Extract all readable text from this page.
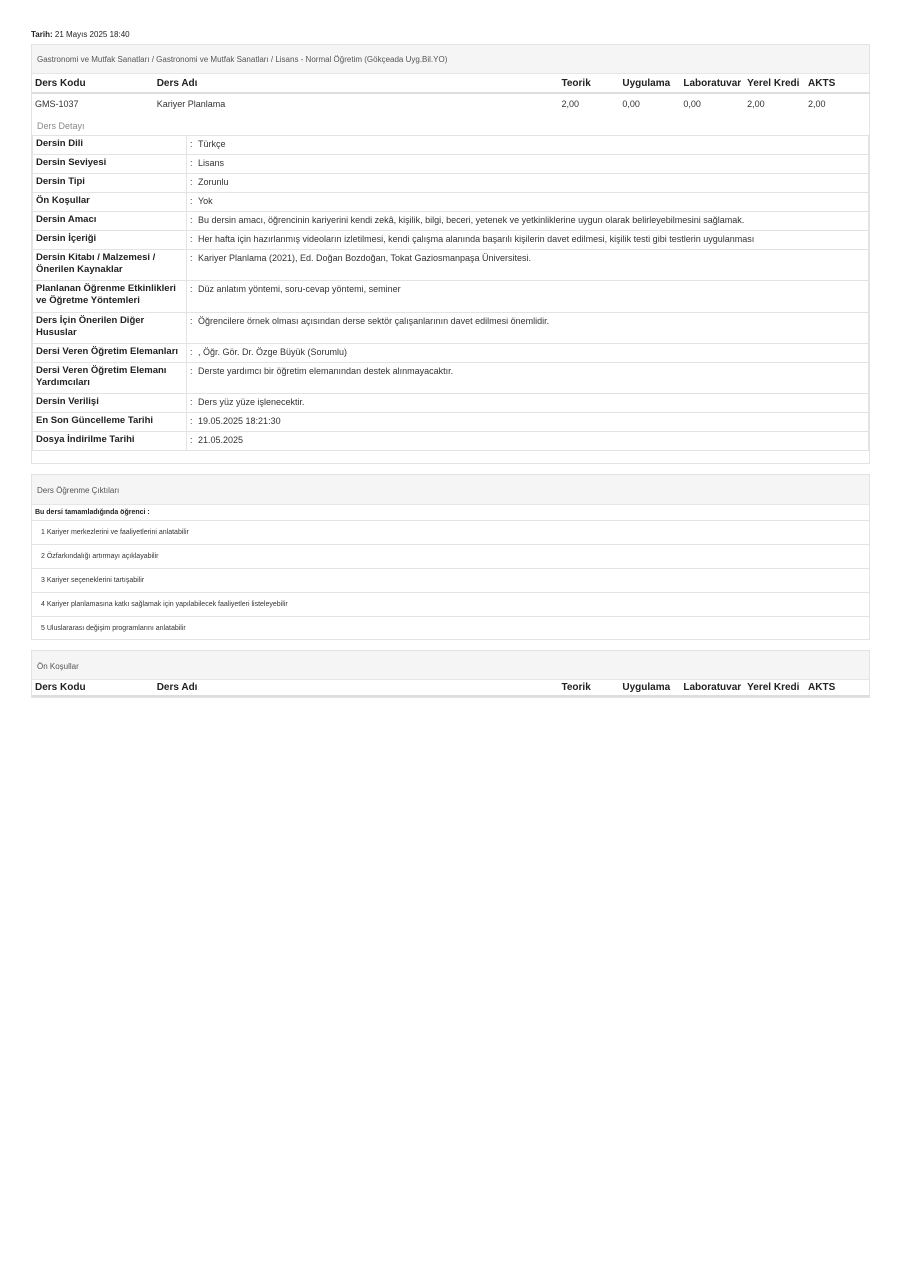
Tarih: 21 Mayıs 2025 18:40
Gastronomi ve Mutfak Sanatları / Gastronomi ve Mutfak Sanatları / Lisans - Normal Öğretim (Gökçeada Uyg.Bil.YO)
Ders Kodu	Ders Adı	Teorik	Uygulama	Laboratuvar	Yerel Kredi	AKTS
GMS-1037	Kariyer Planlama	2,00	0,00	0,00	2,00	2,00
Ders Detayı
Dersin Dili	: Türkçe
Dersin Seviyesi	: Lisans
Dersin Tipi	: Zorunlu
Ön Koşullar	: Yok
Dersin Amacı	: Bu dersin amacı, öğrencinin kariyerini kendi zekâ, kişilik, bilgi, beceri, yetenek ve yetkinliklerine uygun olarak belirleyebilmesini sağlamak.
Dersin İçeriği	: Her hafta için hazırlanmış videoların izletilmesi, kendi çalışma alanında başarılı kişilerin davet edilmesi, kişilik testi gibi testlerin uygulanması
Dersin Kitabı / Malzemesi / Önerilen Kaynaklar	: Kariyer Planlama (2021), Ed. Doğan Bozdoğan, Tokat Gaziosmanpaşa Üniversitesi.
Planlanan Öğrenme Etkinlikleri ve Öğretme Yöntemleri	: Düz anlatım yöntemi, soru-cevap yöntemi, seminer
Ders İçin Önerilen Diğer Hususlar	: Öğrencilere örnek olması açısından derse sektör çalışanlarının davet edilmesi önemlidir.
Dersi Veren Öğretim Elemanları	: , Öğr. Gör. Dr. Özge Büyük (Sorumlu)
Dersi Veren Öğretim Elemanı Yardımcıları	: Derste yardımcı bir öğretim elemanından destek alınmayacaktır.
Dersin Verilişi	: Ders yüz yüze işlenecektir.
En Son Güncelleme Tarihi	: 19.05.2025 18:21:30
Dosya İndirilme Tarihi	: 21.05.2025
Ders Öğrenme Çıktıları
Bu dersi tamamladığında öğrenci :
1 Kariyer merkezlerini ve faaliyetlerini anlatabilir
2 Özfarkındalığı artırmayı açıklayabilir
3 Kariyer seçeneklerini tartışabilir
4 Kariyer planlamasına katkı sağlamak için yapılabilecek faaliyetleri listeleyebilir
5 Uluslararası değişim programlarını anlatabilir
Ön Koşullar
Ders Kodu	Ders Adı	Teorik	Uygulama	Laboratuvar	Yerel Kredi	AKTS
